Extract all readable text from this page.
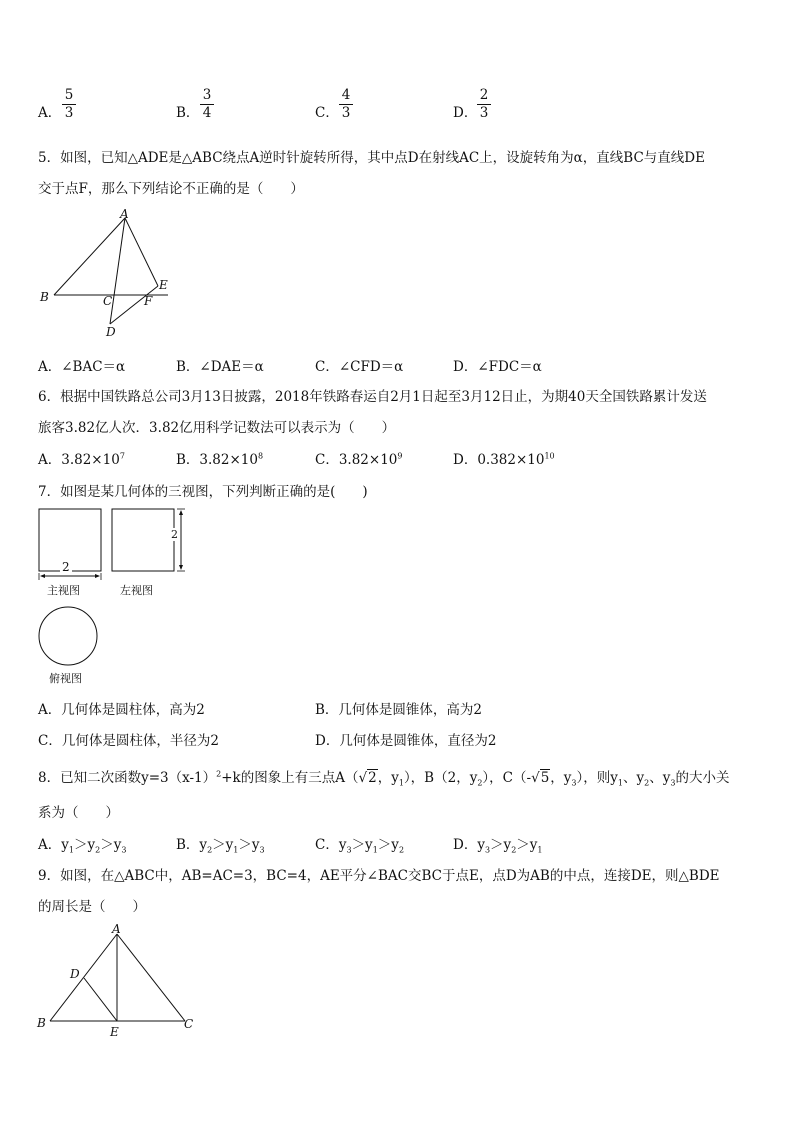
A．
5
3	B．
3
4	C．
4
3	D．
2
3
5．如图，已知△ADE是△ABC绕点A逆时针旋转所得，其中点D在射线AC上，设旋转角为α，直线BC与直线DE
交于点F，那么下列结论不正确的是（　　）
A
B	C
D
E
F
A．∠BAC＝α	B．∠DAE＝α	C．∠CFD＝α	D．∠FDC＝α
6．根据中国铁路总公司3月13日披露，2018年铁路春运自2月1日起至3月12日止，为期40天全国铁路累计发送
旅客3.82亿人次．3.82亿用科学记数法可以表示为（　　）
A．$3.82\times 10^7$	B．$3.82\times 10^8$	C．$3.82\times 10^9$	D．$0.382\times 10^{10}$
7．如图是某几何体的三视图，下列判断正确的是(　　)
2
2
主视图	左视图
俯视图
A．几何体是圆柱体，高为2	B．几何体是圆锥体，高为2
C．几何体是圆柱体，半径为2	D．几何体是圆锥体，直径为2
8．已知二次函数$y=3(x-1)^2+k$的图象上有三点A（√2，$y_1$），B（2，$y_2$），C（-√5，$y_3$），则$y_1$、$y_2$、$y_3$的大小关
系为（　　）
A．$y_1>y_2>y_3$	B．$y_2>y_1>y_3$	C．$y_3>y_1>y_2$	D．$y_3>y_2>y_1$
9．如图，在△ABC中，AB=AC=3，BC=4，AE平分∠BAC交BC于点E，点D为AB的中点，连接DE，则△BDE
的周长是（　　）
A
B	C
D
E
